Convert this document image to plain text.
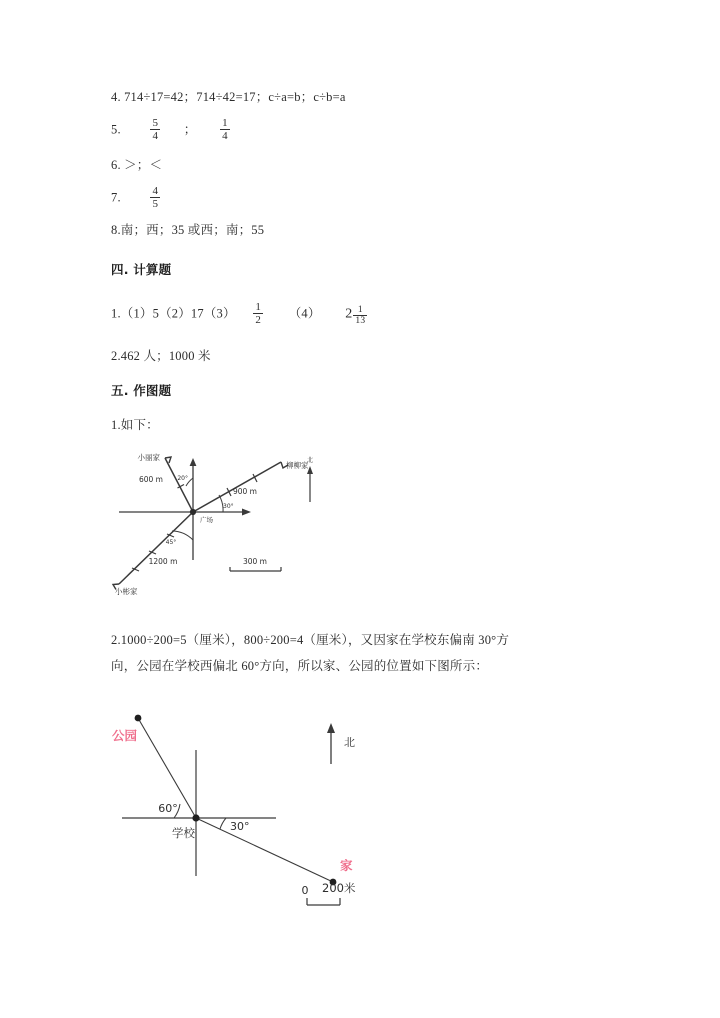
4. 714÷17=42；714÷42=17；c÷a=b；c÷b=a
5.	$\frac{5}{4}$ ； $\frac{1}{4}$
6. ＞；＜
7.	$\frac{4}{5}$
8.南；西；35 或西；南；55
四. 计算题
$1.(1)5(2)17(3) \frac{1}{2} (4)$ $2 \frac{1}{13}$
2.462 人；1000 米
五. 作图题
1.如下：
北
300 m
小丽家
600 m 20°
柳柳家
900 m
30°
小彬家
1200 m
45°
广场
2.1000÷200=5（厘米），800÷200=4（厘米），又因家在学校东偏南 30°方
向，公园在学校西偏北 60°方向，所以家、公园的位置如下图所示：
北
0 200米
公园
家
60°
30°
学校
